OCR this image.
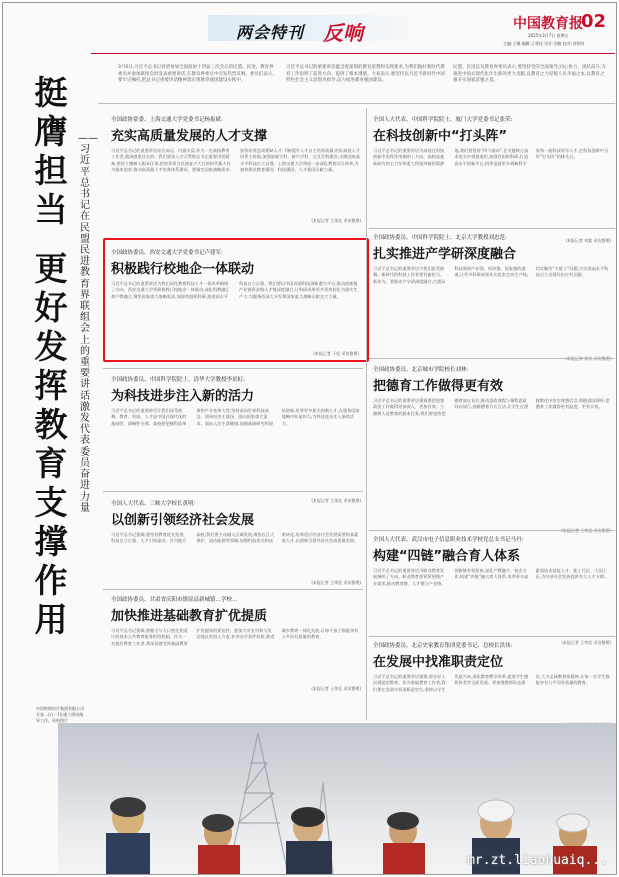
两会特刊 反响	中国教育报
02
2025年3月7日 星期五
主编:王娜 编辑:王荣佳 设计:刘毅 校对:刘铁明
3月6日,习近平总书记看望参加全国政协十四届三次会议的民盟、民进、教育界委员并参加联组会时发表重要讲话,在教育界委员中引发热烈反响。委员们表示,要牢记嘱托,把总书记重要讲话精神落实到教育强国建设实践中。
习近平总书记的重要讲话蕴含着深刻的教育思想和实践要求,为我们做好新时代教育工作指明了前进方向、提供了根本遵循。大家表示,要坚持以习近平新时代中国特色社会主义思想为指导,奋力推进教育强国建设。
民盟、民进以及教育界委员表示,要坚持党的全面领导,同心协力、团结奋斗,为推进中国式现代化作出新的更大贡献,以教育之力厚植人民幸福之本,以教育之强夯实国家富强之基。
挺膺担当
更好发挥教育支撑作用
——习近平总书记在民盟民进教育界联组会上的重要讲话激发代表委员奋进力量
全国政协常委、上海交通大学党委书记杨振斌:
充实高质量发展的人才支撑
习近平总书记的重要讲话站位高远、内涵丰富,作为一名高校教育工作者,我深感重任在肩。我们要深入学习贯彻总书记重要讲话精神,坚持立德树人根本任务,把培养担当民族复兴大任的时代新人作为根本追求,推动高质量人才培养体系建设。要锚定国家战略需求,加快培养急需紧缺人才,不断提升人才自主培养质量,用好高校人才培养主阵地,加强基础学科、新兴学科、交叉学科建设,支撑国家高水平科技自立自强。上海交通大学将进一步深化教育综合改革,为加快建设教育强国、科技强国、人才强国贡献力量。
(本报记者 王荣佳 采访整理)
全国政协委员、西安交通大学党委书记卢建军:
积极践行校地企一体联动
习近平总书记的重要讲话为我们深化教育科技人才一体改革指明了方向。西安交通大学将积极践行校地企一体联动,深化科教融汇和产教融合,聚焦国家重大战略需求,加强有组织科研,推进高水平科技自立自强。我们要以中国西部科技创新港为平台,推动创新链产业链资金链人才链深度融合,让科研成果更多更快转化为现实生产力,为服务西部大开发和国家重大战略贡献交大力量。
(本报记者 于佳 采访整理)
全国政协委员、中国科学院院士、清华大学教授李景虹:
为科技进步注入新的活力
习近平总书记的重要讲话让我们深受鼓舞。教育、科技、人才是中国式现代化的基础性、战略性支撑。高校要把握科技革命和产业变革大势,坚持面向世界科技前沿、面向经济主战场、面向国家重大需求、面向人民生命健康,加强基础研究和原始创新,培养更多拔尖创新人才,在服务国家战略中彰显担当,为科技进步注入新的活力。
(本报记者 王荣佳 采访整理)
全国人大代表、三峡大学校长黄明:
以创新引领经济社会发展
习近平总书记强调,要坚持教育优先发展、科技自立自强、人才引领驱动。作为地方高校,我们要主动融入区域发展,聚焦长江大保护、清洁能源等领域,加强科技攻关和成果转化,培养适应经济社会发展需要的高素质人才,以创新引领经济社会高质量发展。
(本报记者 王荣佳 采访整理)
全国政协委员、甘肃省庆阳市镇原县新城镇…学校…
加快推进基础教育扩优提质
习近平总书记强调,要健全与人口变化相适应的基本公共教育服务供给机制。作为一名基层教育工作者,我深切感受到基础教育扩优提质的紧迫性。要加大对农村和欠发达地区的投入力度,补齐办学条件短板,推进城乡教育一体化发展,让每个孩子都能享有公平而有质量的教育。
(本报记者 王荣佳 采访整理)
全国人大代表、中国科学院院士、厦门大学党委书记张荣:
在科技创新中“打头阵”
习近平总书记的重要讲话为高校在科技创新中发挥作用指明了方向。高校是基础研究的主力军和重大科技突破的策源地,我们要坚持“四个面向”,在关键核心技术攻关中勇挑重担,加强有组织科研,打造高水平创新平台,培养造就更多战略科学家和一流科技领军人才,在科技创新中当好“打头阵”的排头兵。
(本报记者 刘毅 采访整理)
全国政协委员、中国科学院院士、北京大学教授刘忠范:
扎实推进产学研深度融合
习近平总书记的重要讲话令我们倍受鼓舞。新时代的科技工作者要有新担当、新作为。要推动产学研深度融合,打通从科技强到产业强、经济强、国家强的通道,让更多科研成果从实验室走向生产线,切实解决“卡脖子”问题,为实现高水平科技自立自强作出应有贡献。
全国政协委员、北京城市学院校长刘林:
把德育工作做得更有效
习近平总书记的重要讲话强调要把思想政治工作做得更加深入、更加有效。立德树人是教育的根本任务,我们要坚持把德育放在首位,推动思政课程与课程思政同向同行,创新德育方式方法,让学生在潜移默化中坚定理想信念,厚植爱国情怀,把德育工作做得更有温度、更有实效。
全国人大代表、武汉市电子信息职业技术学校党总支书记马丹:
构建“四链”融合育人体系
习近平总书记的重要讲话为职业教育发展指明了方向。职业教育要紧紧围绕产业需求,推动教育链、人才链与产业链、创新链有机衔接,深化产教融合、校企合作,构建“四链”融合育人体系,培养更多高素质技术技能人才、能工巧匠、大国工匠,为经济社会发展提供有力人才支撑。
(本报记者 王荣佳 采访整理)
全国政协委员、北京史家教育集团党委书记、总校长洪伟:
在发展中找准职责定位
习近平总书记的重要讲话强调,要办好人民满意的教育。作为基础教育工作者,我们要在发展中找准职责定位,坚持以学生发展为本,深化教育教学改革,促进学生德智体美劳全面发展。要加强教师队伍建设,大力弘扬教育家精神,让每一名学生都能享有公平而有质量的教育。
中国铁路设计集团有限公司专家…(右一)在施工现场指导工作。资料图片
mr.zt.liaohuaiq...
